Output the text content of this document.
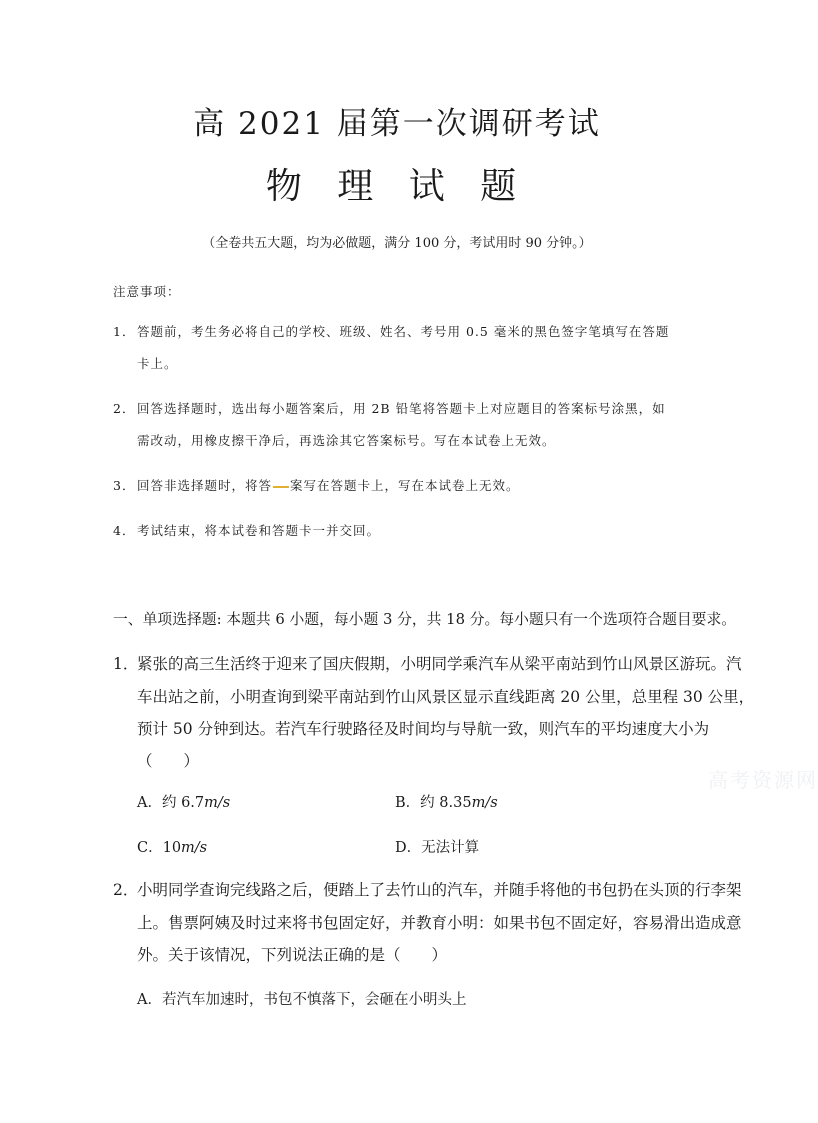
高 2021 届第一次调研考试
物 理 试 题
（全卷共五大题，均为必做题，满分 100 分，考试用时 90 分钟。）
注意事项：
1． 答题前，考生务必将自己的学校、班级、姓名、考号用 0.5 毫米的黑色签字笔填写在答题
卡上。
2． 回答选择题时，选出每小题答案后，用 2B 铅笔将答题卡上对应题目的答案标号涂黑，如
需改动，用橡皮擦干净后，再选涂其它答案标号。写在本试卷上无效。
3． 回答非选择题时，将答 案写在答题卡上，写在本试卷上无效。
4． 考试结束，将本试卷和答题卡一并交回。
一、单项选择题: 本题共 6 小题，每小题 3 分，共 18 分。每小题只有一个选项符合题目要求。
1．紧张的高三生活终于迎来了国庆假期，小明同学乘汽车从梁平南站到竹山风景区游玩。汽
车出站之前，小明查询到梁平南站到竹山风景区显示直线距离 20 公里，总里程 30 公里，
预计 50 分钟到达。若汽车行驶路径及时间均与导航一致，则汽车的平均速度大小为
（　　）
A．约 6.7m/s	B．约 8.35m/s
C．10m/s	D．无法计算
高考资源网
2．小明同学查询完线路之后，便踏上了去竹山的汽车，并随手将他的书包扔在头顶的行李架
上。售票阿姨及时过来将书包固定好，并教育小明：如果书包不固定好，容易滑出造成意
外。关于该情况，下列说法正确的是（　　）
A．若汽车加速时，书包不慎落下，会砸在小明头上
